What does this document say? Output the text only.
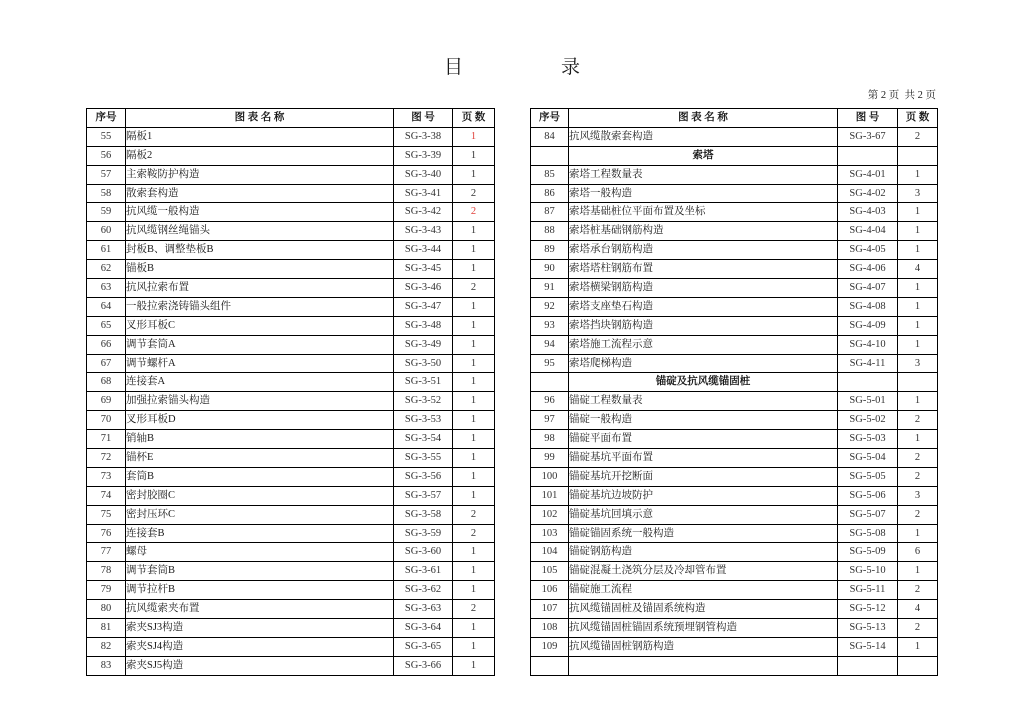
目 录
第 2 页  共 2 页
序号	图 表 名 称	图 号	页 数
55	隔板1	SG-3-38	1
56	隔板2	SG-3-39	1
57	主索鞍防护构造	SG-3-40	1
58	散索套构造	SG-3-41	2
59	抗风缆一般构造	SG-3-42	2
60	抗风缆钢丝绳锚头	SG-3-43	1
61	封板B、调整垫板B	SG-3-44	1
62	锚板B	SG-3-45	1
63	抗风拉索布置	SG-3-46	2
64	一般拉索浇铸锚头组件	SG-3-47	1
65	叉形耳板C	SG-3-48	1
66	调节套筒A	SG-3-49	1
67	调节螺杆A	SG-3-50	1
68	连接套A	SG-3-51	1
69	加强拉索锚头构造	SG-3-52	1
70	叉形耳板D	SG-3-53	1
71	销轴B	SG-3-54	1
72	锚杯E	SG-3-55	1
73	套筒B	SG-3-56	1
74	密封胶圈C	SG-3-57	1
75	密封压环C	SG-3-58	2
76	连接套B	SG-3-59	2
77	螺母	SG-3-60	1
78	调节套筒B	SG-3-61	1
79	调节拉杆B	SG-3-62	1
80	抗风缆索夹布置	SG-3-63	2
81	索夹SJ3构造	SG-3-64	1
82	索夹SJ4构造	SG-3-65	1
83	索夹SJ5构造	SG-3-66	1
序号	图 表 名 称	图 号	页 数
84	抗风缆散索套构造	SG-3-67	2
	索塔		
85	索塔工程数量表	SG-4-01	1
86	索塔一般构造	SG-4-02	3
87	索塔基础桩位平面布置及坐标	SG-4-03	1
88	索塔桩基础钢筋构造	SG-4-04	1
89	索塔承台钢筋构造	SG-4-05	1
90	索塔塔柱钢筋布置	SG-4-06	4
91	索塔横梁钢筋构造	SG-4-07	1
92	索塔支座垫石构造	SG-4-08	1
93	索塔挡块钢筋构造	SG-4-09	1
94	索塔施工流程示意	SG-4-10	1
95	索塔爬梯构造	SG-4-11	3
	锚碇及抗风缆锚固桩		
96	锚碇工程数量表	SG-5-01	1
97	锚碇一般构造	SG-5-02	2
98	锚碇平面布置	SG-5-03	1
99	锚碇基坑平面布置	SG-5-04	2
100	锚碇基坑开挖断面	SG-5-05	2
101	锚碇基坑边坡防护	SG-5-06	3
102	锚碇基坑回填示意	SG-5-07	2
103	锚碇锚固系统一般构造	SG-5-08	1
104	锚碇钢筋构造	SG-5-09	6
105	锚碇混凝土浇筑分层及冷却管布置	SG-5-10	1
106	锚碇施工流程	SG-5-11	2
107	抗风缆锚固桩及锚固系统构造	SG-5-12	4
108	抗风缆锚固桩锚固系统预埋钢管构造	SG-5-13	2
109	抗风缆锚固桩钢筋构造	SG-5-14	1
